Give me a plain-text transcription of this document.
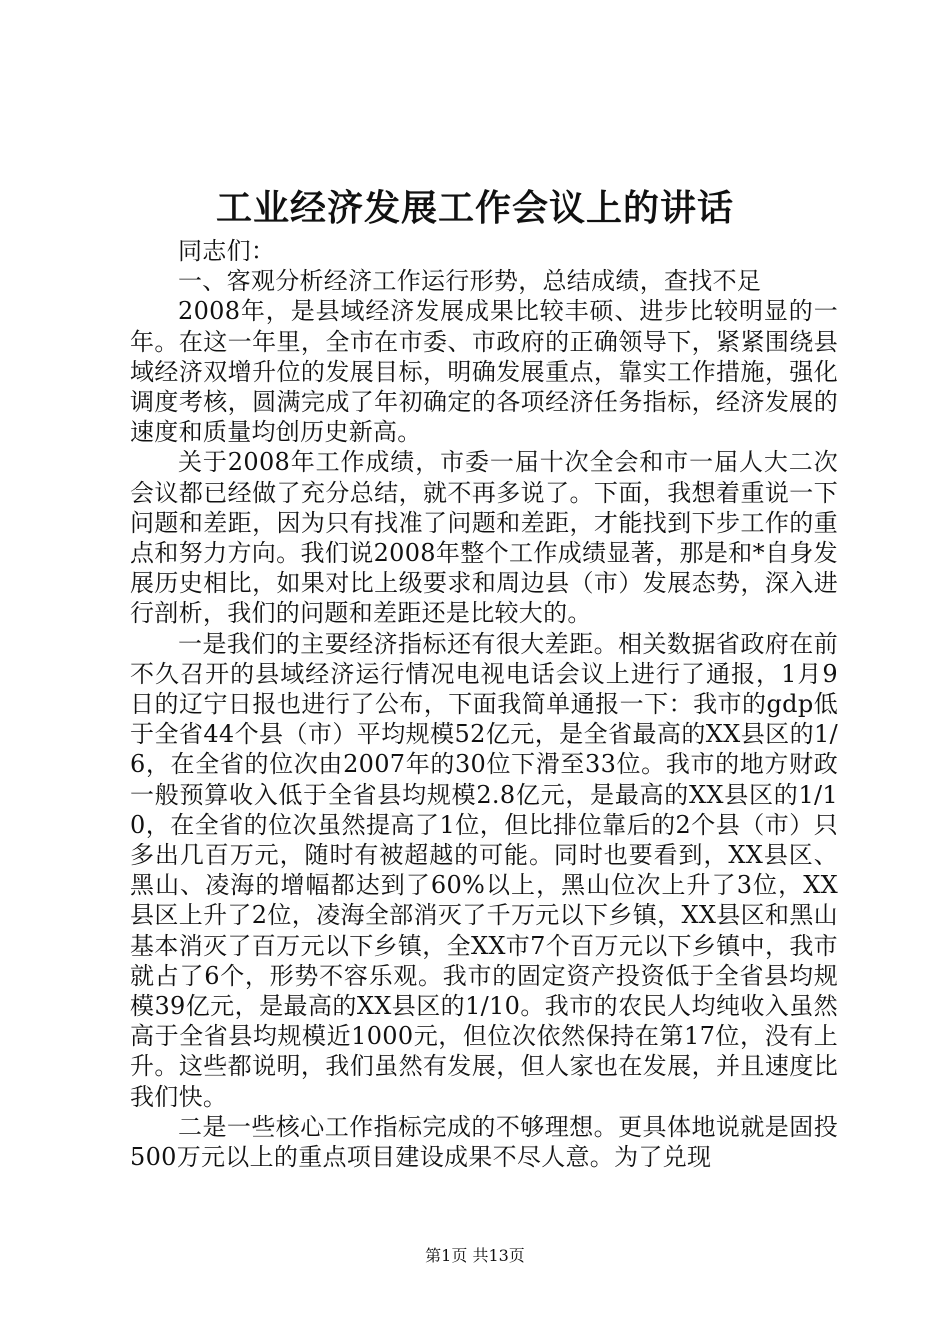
工业经济发展工作会议上的讲话

同志们：

一、客观分析经济工作运行形势，总结成绩，查找不足

2008年，是县域经济发展成果比较丰硕、进步比较明显的一年。在这一年里，全市在市委、市政府的正确领导下，紧紧围绕县域经济双增升位的发展目标，明确发展重点，靠实工作措施，强化调度考核，圆满完成了年初确定的各项经济任务指标，经济发展的速度和质量均创历史新高。

关于2008年工作成绩，市委一届十次全会和市一届人大二次会议都已经做了充分总结，就不再多说了。下面，我想着重说一下问题和差距，因为只有找准了问题和差距，才能找到下步工作的重点和努力方向。我们说2008年整个工作成绩显著，那是和*自身发展历史相比，如果对比上级要求和周边县（市）发展态势，深入进行剖析，我们的问题和差距还是比较大的。

一是我们的主要经济指标还有很大差距。相关数据省政府在前不久召开的县域经济运行情况电视电话会议上进行了通报，1月9日的辽宁日报也进行了公布，下面我简单通报一下：我市的gdp低于全省44个县（市）平均规模52亿元，是全省最高的XX县区的1/6，在全省的位次由2007年的30位下滑至33位。我市的地方财政一般预算收入低于全省县均规模2.8亿元，是最高的XX县区的1/10，在全省的位次虽然提高了1位，但比排位靠后的2个县（市）只多出几百万元，随时有被超越的可能。同时也要看到，XX县区、黑山、凌海的增幅都达到了60%以上，黑山位次上升了3位，XX县区上升了2位，凌海全部消灭了千万元以下乡镇，XX县区和黑山基本消灭了百万元以下乡镇，全XX市7个百万元以下乡镇中，我市就占了6个，形势不容乐观。我市的固定资产投资低于全省县均规模39亿元，是最高的XX县区的1/10。我市的农民人均纯收入虽然高于全省县均规模近1000元，但位次依然保持在第17位，没有上升。这些都说明，我们虽然有发展，但人家也在发展，并且速度比我们快。

二是一些核心工作指标完成的不够理想。更具体地说就是固投500万元以上的重点项目建设成果不尽人意。为了兑现

第1页 共13页
